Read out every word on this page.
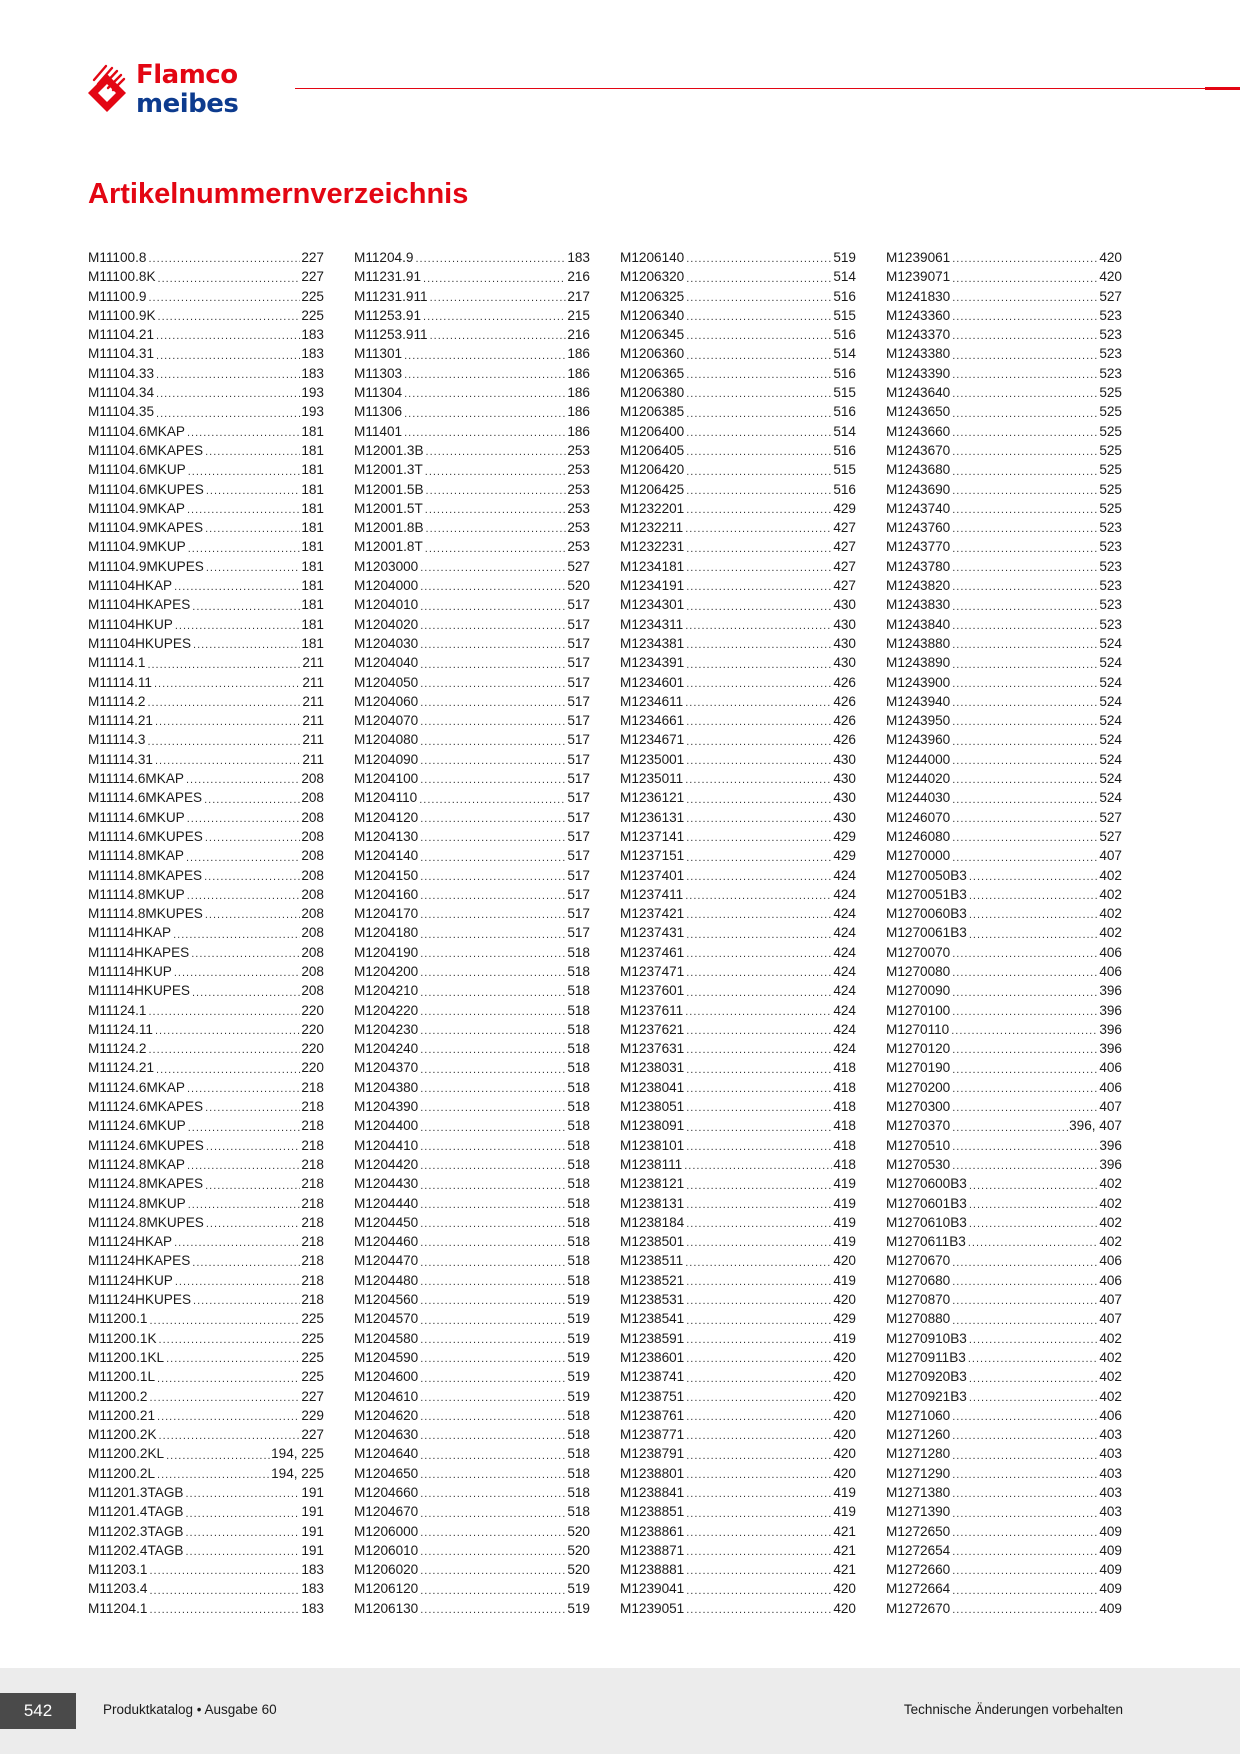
Flamco
meibes
Artikelnummernverzeichnis
M11100.8 .....	227
M11100.8K .....	227
M11100.9 .....	225
M11100.9K .....	225
M11104.21 .....	183
M11104.31 .....	183
M11104.33 .....	183
M11104.34 .....	193
M11104.35 .....	193
M11104.6MKAP .....	181
M11104.6MKAPES .....	181
M11104.6MKUP .....	181
M11104.6MKUPES .....	181
M11104.9MKAP .....	181
M11104.9MKAPES .....	181
M11104.9MKUP .....	181
M11104.9MKUPES .....	181
M11104HKAP .....	181
M11104HKAPES .....	181
M11104HKUP .....	181
M11104HKUPES .....	181
M11114.1 .....	211
M11114.11 .....	211
M11114.2 .....	211
M11114.21 .....	211
M11114.3 .....	211
M11114.31 .....	211
M11114.6MKAP .....	208
M11114.6MKAPES .....	208
M11114.6MKUP .....	208
M11114.6MKUPES .....	208
M11114.8MKAP .....	208
M11114.8MKAPES .....	208
M11114.8MKUP .....	208
M11114.8MKUPES .....	208
M11114HKAP .....	208
M11114HKAPES .....	208
M11114HKUP .....	208
M11114HKUPES .....	208
M11124.1 .....	220
M11124.11 .....	220
M11124.2 .....	220
M11124.21 .....	220
M11124.6MKAP .....	218
M11124.6MKAPES .....	218
M11124.6MKUP .....	218
M11124.6MKUPES .....	218
M11124.8MKAP .....	218
M11124.8MKAPES .....	218
M11124.8MKUP .....	218
M11124.8MKUPES .....	218
M11124HKAP .....	218
M11124HKAPES .....	218
M11124HKUP .....	218
M11124HKUPES .....	218
M11200.1 .....	225
M11200.1K .....	225
M11200.1KL .....	225
M11200.1L .....	225
M11200.2 .....	227
M11200.21 .....	229
M11200.2K .....	227
M11200.2KL .....	194, 225
M11200.2L .....	194, 225
M11201.3TAGB .....	191
M11201.4TAGB .....	191
M11202.3TAGB .....	191
M11202.4TAGB .....	191
M11203.1 .....	183
M11203.4 .....	183
M11204.1 .....	183
M11204.9 .....	183
M11231.91 .....	216
M11231.911 .....	217
M11253.91 .....	215
M11253.911 .....	216
M11301 .....	186
M11303 .....	186
M11304 .....	186
M11306 .....	186
M11401 .....	186
M12001.3B .....	253
M12001.3T .....	253
M12001.5B .....	253
M12001.5T .....	253
M12001.8B .....	253
M12001.8T .....	253
M1203000 .....	527
M1204000 .....	520
M1204010 .....	517
M1204020 .....	517
M1204030 .....	517
M1204040 .....	517
M1204050 .....	517
M1204060 .....	517
M1204070 .....	517
M1204080 .....	517
M1204090 .....	517
M1204100 .....	517
M1204110 .....	517
M1204120 .....	517
M1204130 .....	517
M1204140 .....	517
M1204150 .....	517
M1204160 .....	517
M1204170 .....	517
M1204180 .....	517
M1204190 .....	518
M1204200 .....	518
M1204210 .....	518
M1204220 .....	518
M1204230 .....	518
M1204240 .....	518
M1204370 .....	518
M1204380 .....	518
M1204390 .....	518
M1204400 .....	518
M1204410 .....	518
M1204420 .....	518
M1204430 .....	518
M1204440 .....	518
M1204450 .....	518
M1204460 .....	518
M1204470 .....	518
M1204480 .....	518
M1204560 .....	519
M1204570 .....	519
M1204580 .....	519
M1204590 .....	519
M1204600 .....	519
M1204610 .....	519
M1204620 .....	518
M1204630 .....	518
M1204640 .....	518
M1204650 .....	518
M1204660 .....	518
M1204670 .....	518
M1206000 .....	520
M1206010 .....	520
M1206020 .....	520
M1206120 .....	519
M1206130 .....	519
M1206140 .....	519
M1206320 .....	514
M1206325 .....	516
M1206340 .....	515
M1206345 .....	516
M1206360 .....	514
M1206365 .....	516
M1206380 .....	515
M1206385 .....	516
M1206400 .....	514
M1206405 .....	516
M1206420 .....	515
M1206425 .....	516
M1232201 .....	429
M1232211 .....	427
M1232231 .....	427
M1234181 .....	427
M1234191 .....	427
M1234301 .....	430
M1234311 .....	430
M1234381 .....	430
M1234391 .....	430
M1234601 .....	426
M1234611 .....	426
M1234661 .....	426
M1234671 .....	426
M1235001 .....	430
M1235011 .....	430
M1236121 .....	430
M1236131 .....	430
M1237141 .....	429
M1237151 .....	429
M1237401 .....	424
M1237411 .....	424
M1237421 .....	424
M1237431 .....	424
M1237461 .....	424
M1237471 .....	424
M1237601 .....	424
M1237611 .....	424
M1237621 .....	424
M1237631 .....	424
M1238031 .....	418
M1238041 .....	418
M1238051 .....	418
M1238091 .....	418
M1238101 .....	418
M1238111 .....	418
M1238121 .....	419
M1238131 .....	419
M1238184 .....	419
M1238501 .....	419
M1238511 .....	420
M1238521 .....	419
M1238531 .....	420
M1238541 .....	429
M1238591 .....	419
M1238601 .....	420
M1238741 .....	420
M1238751 .....	420
M1238761 .....	420
M1238771 .....	420
M1238791 .....	420
M1238801 .....	420
M1238841 .....	419
M1238851 .....	419
M1238861 .....	421
M1238871 .....	421
M1238881 .....	421
M1239041 .....	420
M1239051 .....	420
M1239061 .....	420
M1239071 .....	420
M1241830 .....	527
M1243360 .....	523
M1243370 .....	523
M1243380 .....	523
M1243390 .....	523
M1243640 .....	525
M1243650 .....	525
M1243660 .....	525
M1243670 .....	525
M1243680 .....	525
M1243690 .....	525
M1243740 .....	525
M1243760 .....	523
M1243770 .....	523
M1243780 .....	523
M1243820 .....	523
M1243830 .....	523
M1243840 .....	523
M1243880 .....	524
M1243890 .....	524
M1243900 .....	524
M1243940 .....	524
M1243950 .....	524
M1243960 .....	524
M1244000 .....	524
M1244020 .....	524
M1244030 .....	524
M1246070 .....	527
M1246080 .....	527
M1270000 .....	407
M1270050B3 .....	402
M1270051B3 .....	402
M1270060B3 .....	402
M1270061B3 .....	402
M1270070 .....	406
M1270080 .....	406
M1270090 .....	396
M1270100 .....	396
M1270110 .....	396
M1270120 .....	396
M1270190 .....	406
M1270200 .....	406
M1270300 .....	407
M1270370 .....	396, 407
M1270510 .....	396
M1270530 .....	396
M1270600B3 .....	402
M1270601B3 .....	402
M1270610B3 .....	402
M1270611B3 .....	402
M1270670 .....	406
M1270680 .....	406
M1270870 .....	407
M1270880 .....	407
M1270910B3 .....	402
M1270911B3 .....	402
M1270920B3 .....	402
M1270921B3 .....	402
M1271060 .....	406
M1271260 .....	403
M1271280 .....	403
M1271290 .....	403
M1271380 .....	403
M1271390 .....	403
M1272650 .....	409
M1272654 .....	409
M1272660 .....	409
M1272664 .....	409
M1272670 .....	409
542	Produktkatalog • Ausgabe 60	Technische Änderungen vorbehalten
